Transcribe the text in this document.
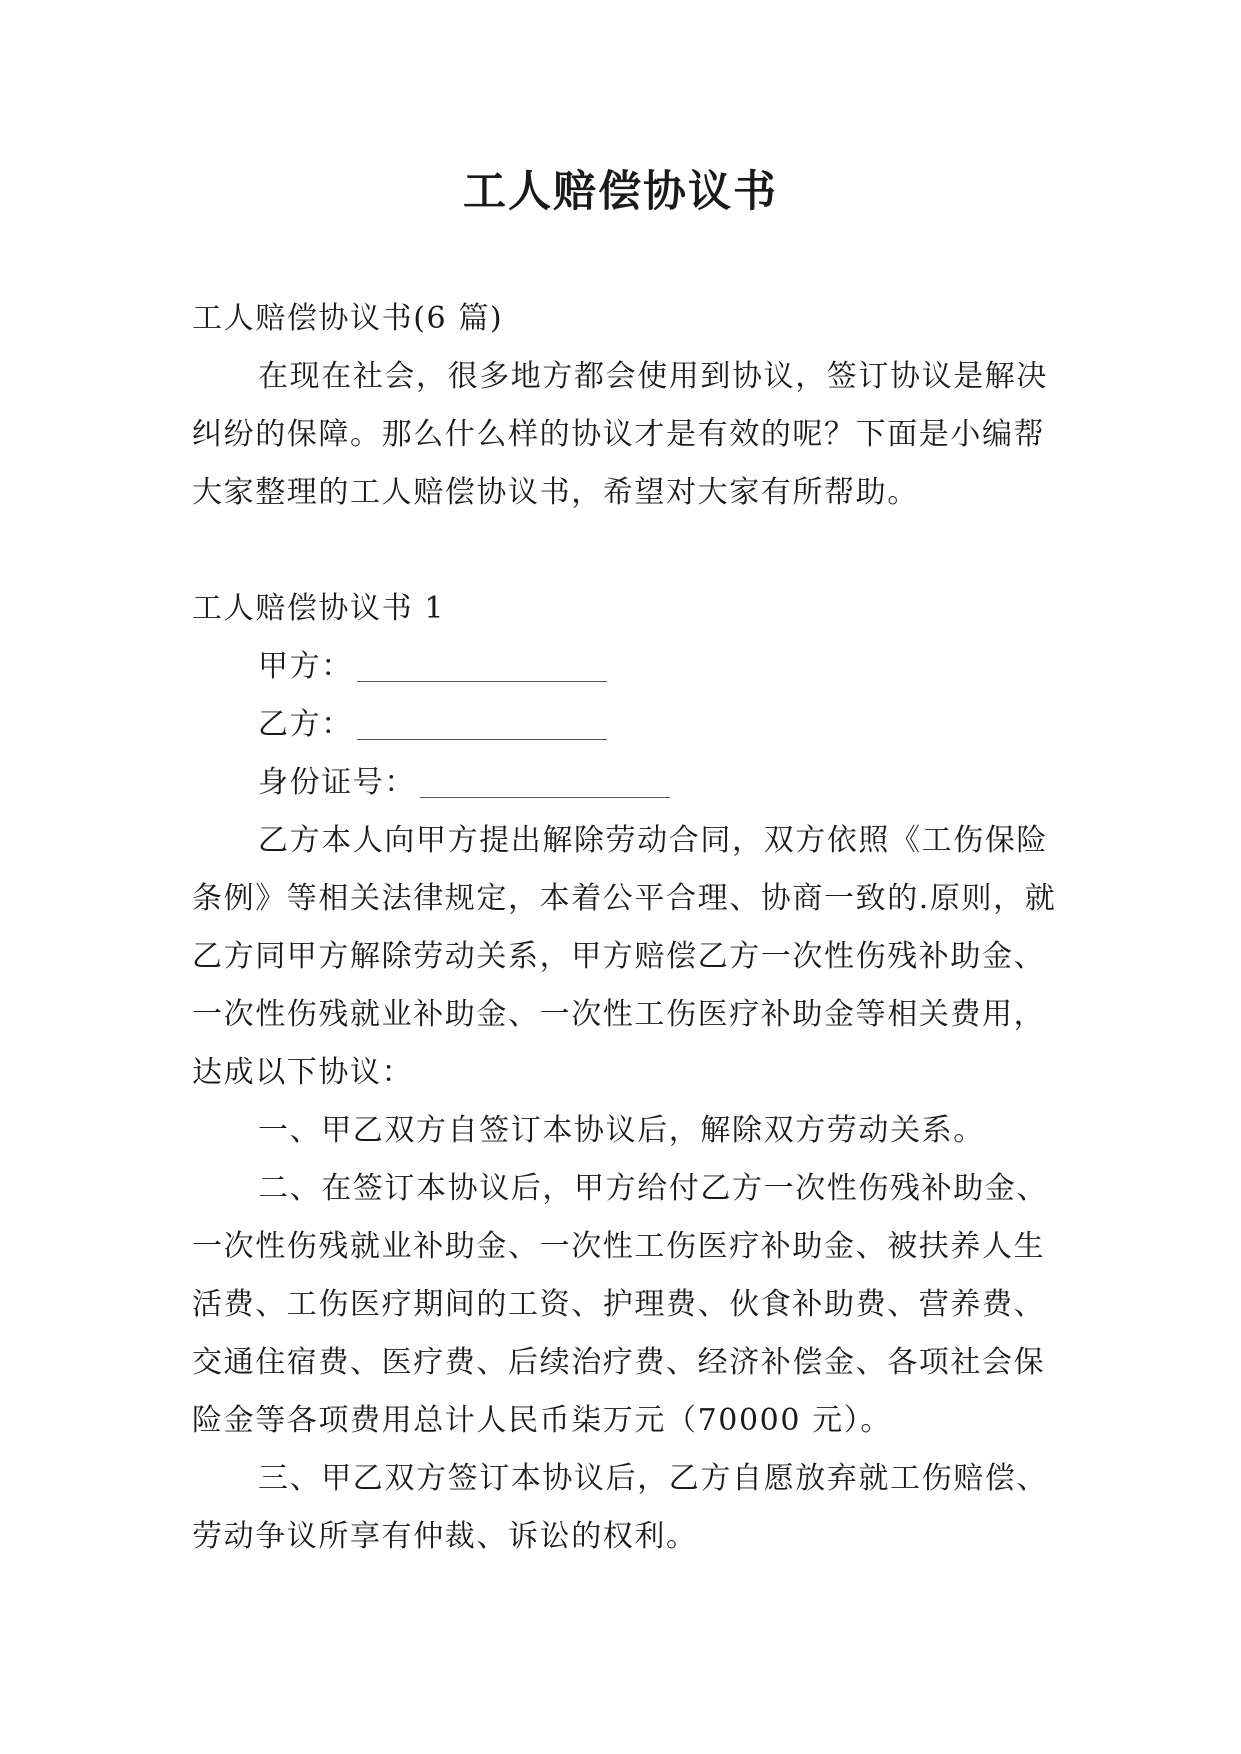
工人赔偿协议书

工人赔偿协议书(6 篇)

在现在社会，很多地方都会使用到协议，签订协议是解决纠纷的保障。那么什么样的协议才是有效的呢？下面是小编帮大家整理的工人赔偿协议书，希望对大家有所帮助。

工人赔偿协议书 1

甲方：

乙方：

身份证号：

乙方本人向甲方提出解除劳动合同，双方依照《工伤保险条例》等相关法律规定，本着公平合理、协商一致的.原则，就乙方同甲方解除劳动关系，甲方赔偿乙方一次性伤残补助金、一次性伤残就业补助金、一次性工伤医疗补助金等相关费用，达成以下协议：

一、甲乙双方自签订本协议后，解除双方劳动关系。

二、在签订本协议后，甲方给付乙方一次性伤残补助金、一次性伤残就业补助金、一次性工伤医疗补助金、被扶养人生活费、工伤医疗期间的工资、护理费、伙食补助费、营养费、交通住宿费、医疗费、后续治疗费、经济补偿金、各项社会保险金等各项费用总计人民币柒万元（70000 元）。

三、甲乙双方签订本协议后，乙方自愿放弃就工伤赔偿、劳动争议所享有仲裁、诉讼的权利。
